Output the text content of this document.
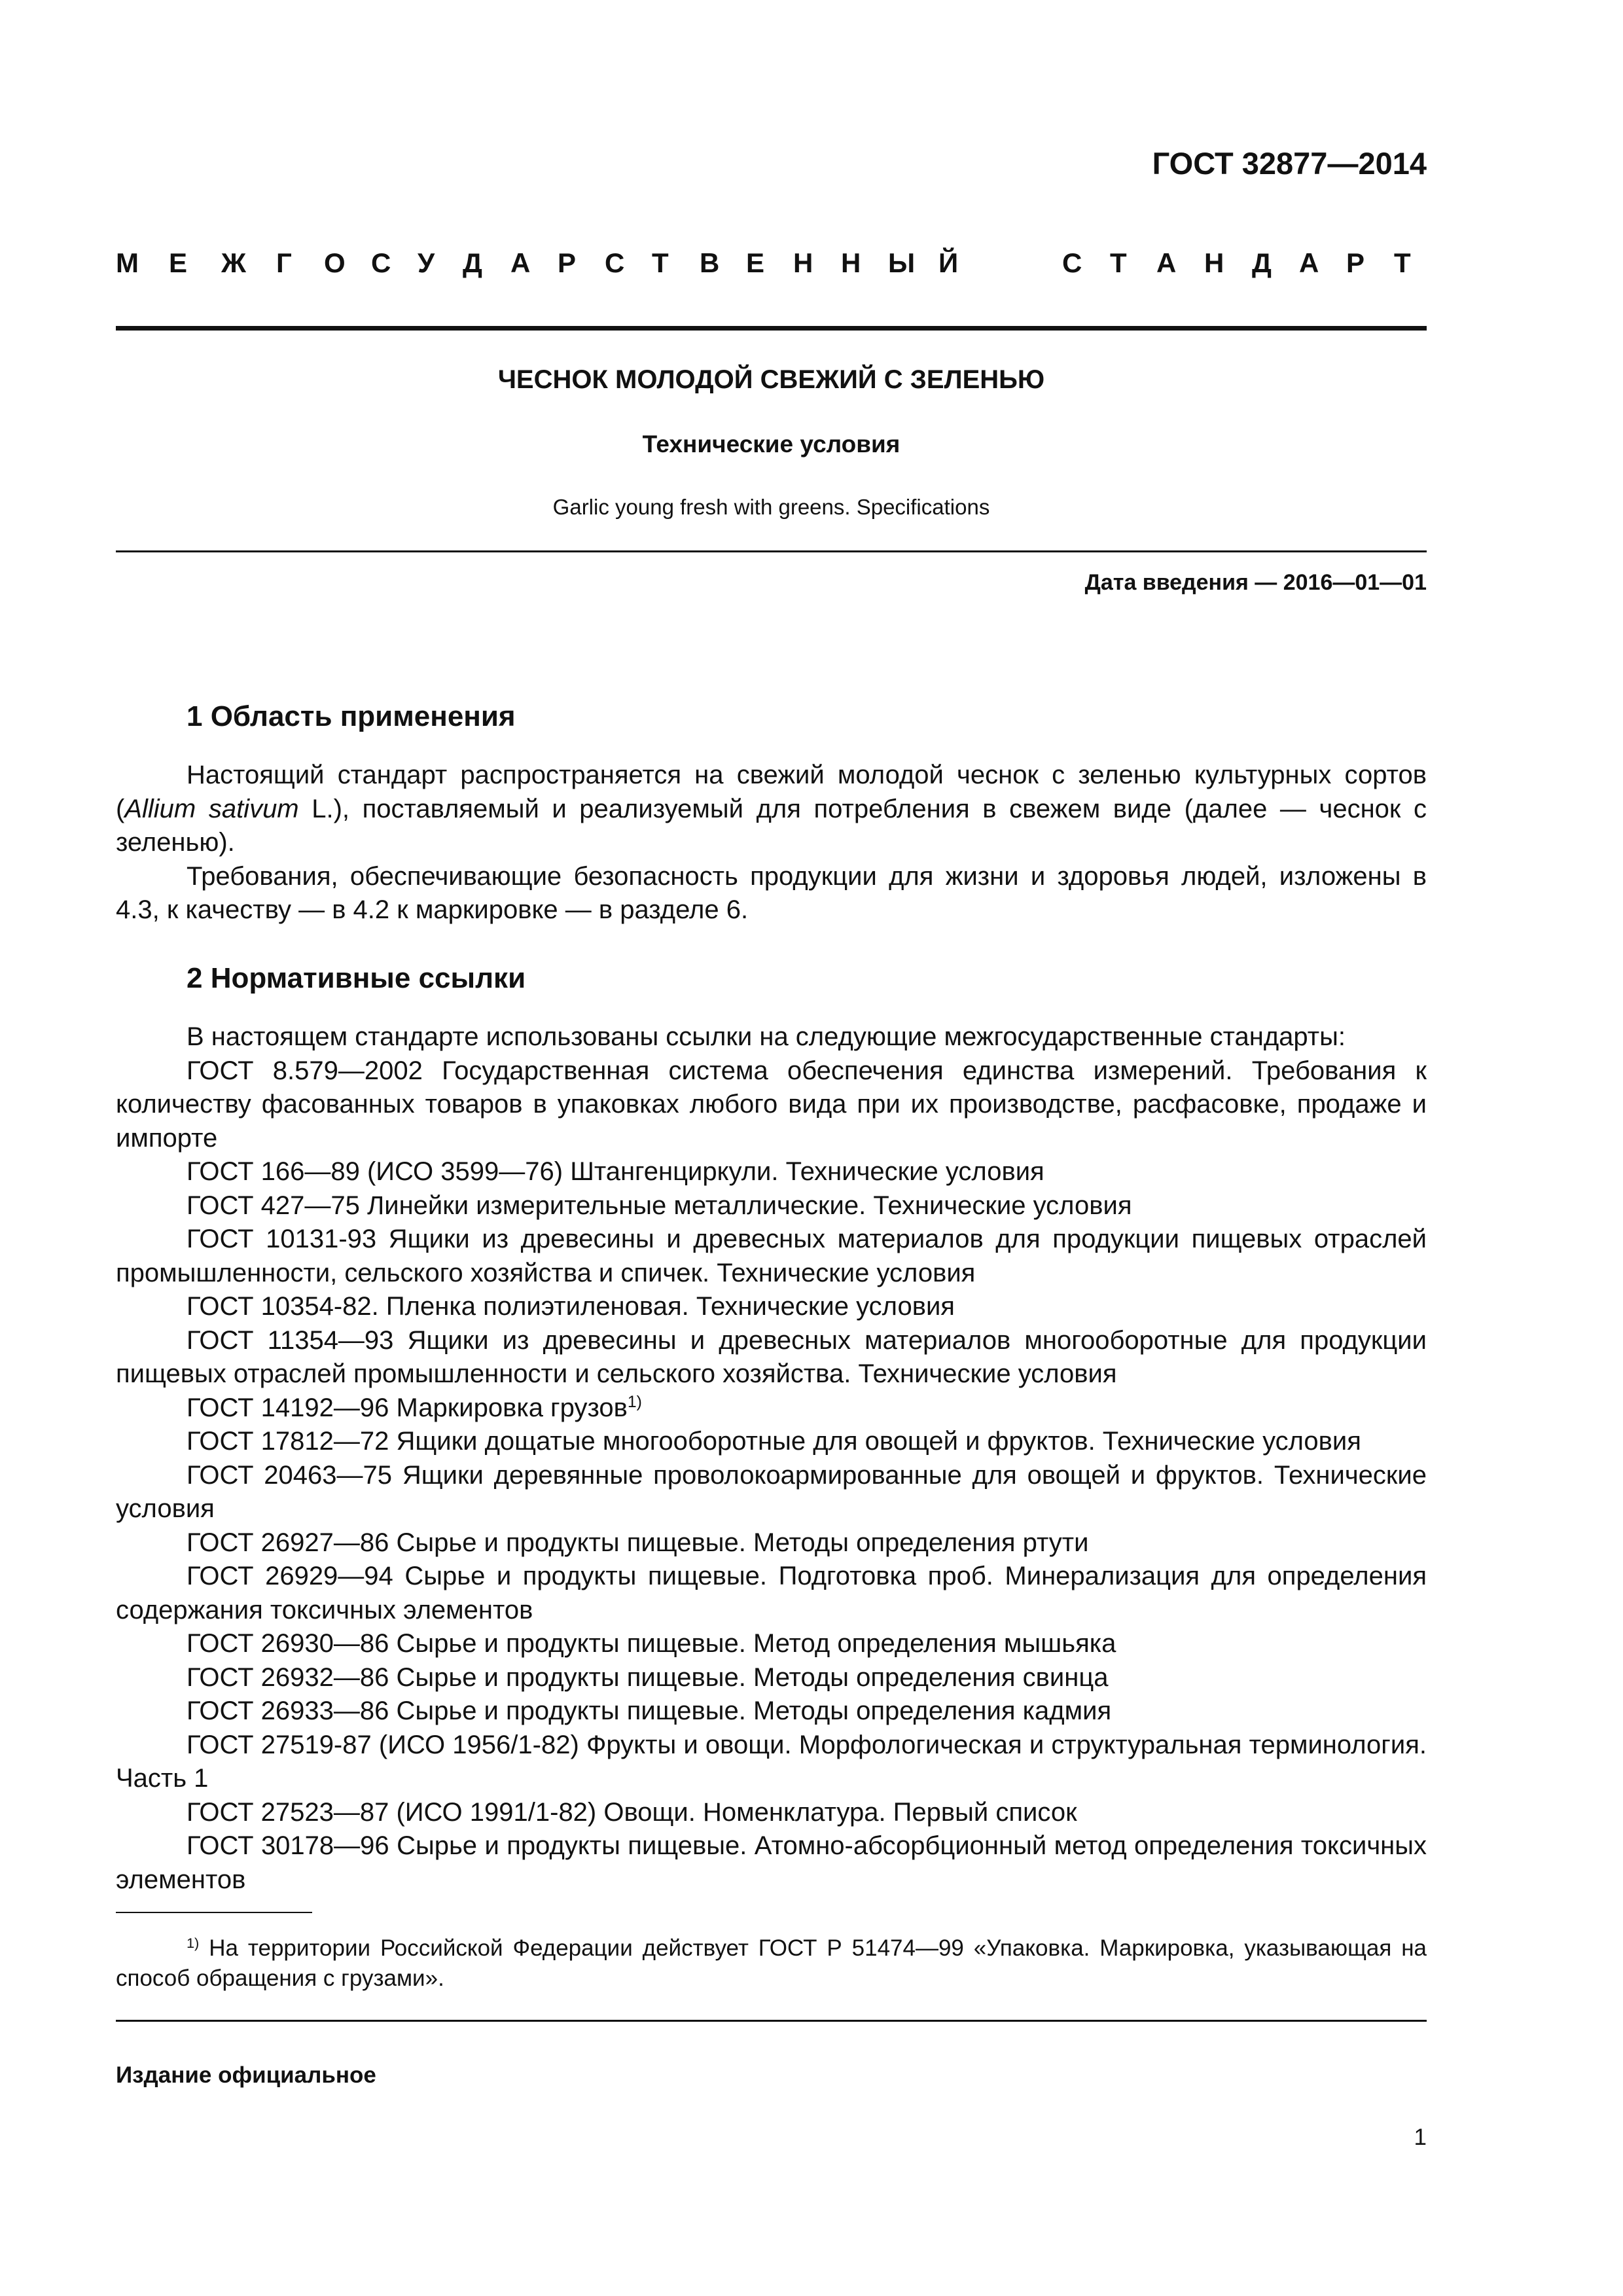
ГОСТ 32877—2014
М Е Ж Г О С У Д А Р С Т В Е Н Н Ы Й	С Т А Н Д А Р Т
ЧЕСНОК МОЛОДОЙ СВЕЖИЙ С ЗЕЛЕНЬЮ
Технические условия
Garlic young fresh with greens. Specifications
Дата введения — 2016—01—01
1 Область применения

Настоящий стандарт распространяется на свежий молодой чеснок с зеленью культурных сортов (Allium sativum L.), поставляемый и реализуемый для потребления в свежем виде (далее — чеснок с зеленью).

Требования, обеспечивающие безопасность продукции для жизни и здоровья людей, изложены в 4.3, к качеству — в 4.2 к маркировке — в разделе 6.

2 Нормативные ссылки

В настоящем стандарте использованы ссылки на следующие межгосударственные стандарты:

ГОСТ 8.579—2002 Государственная система обеспечения единства измерений. Требования к количеству фасованных товаров в упаковках любого вида при их производстве, расфасовке, продаже и импорте

ГОСТ 166—89 (ИСО 3599—76) Штангенциркули. Технические условия

ГОСТ 427—75 Линейки измерительные металлические. Технические условия

ГОСТ 10131-93 Ящики из древесины и древесных материалов для продукции пищевых отраслей промышленности, сельского хозяйства и спичек. Технические условия

ГОСТ 10354-82. Пленка полиэтиленовая. Технические условия

ГОСТ 11354—93 Ящики из древесины и древесных материалов многооборотные для продукции пищевых отраслей промышленности и сельского хозяйства. Технические условия

ГОСТ 14192—96 Маркировка грузов$^{1)}$

ГОСТ 17812—72 Ящики дощатые многооборотные для овощей и фруктов. Технические условия

ГОСТ 20463—75 Ящики деревянные проволокоармированные для овощей и фруктов. Технические условия

ГОСТ 26927—86 Сырье и продукты пищевые. Методы определения ртути

ГОСТ 26929—94 Сырье и продукты пищевые. Подготовка проб. Минерализация для определения содержания токсичных элементов

ГОСТ 26930—86 Сырье и продукты пищевые. Метод определения мышьяка

ГОСТ 26932—86 Сырье и продукты пищевые. Методы определения свинца

ГОСТ 26933—86 Сырье и продукты пищевые. Методы определения кадмия

ГОСТ 27519-87 (ИСО 1956/1-82) Фрукты и овощи. Морфологическая и структуральная терминология. Часть 1

ГОСТ 27523—87 (ИСО 1991/1-82) Овощи. Номенклатура. Первый список

ГОСТ 30178—96 Сырье и продукты пищевые. Атомно-абсорбционный метод определения токсичных элементов

$^{1)}$ На территории Российской Федерации действует ГОСТ Р 51474—99 «Упаковка. Маркировка, указывающая на способ обращения с грузами».

Издание официальное
1
